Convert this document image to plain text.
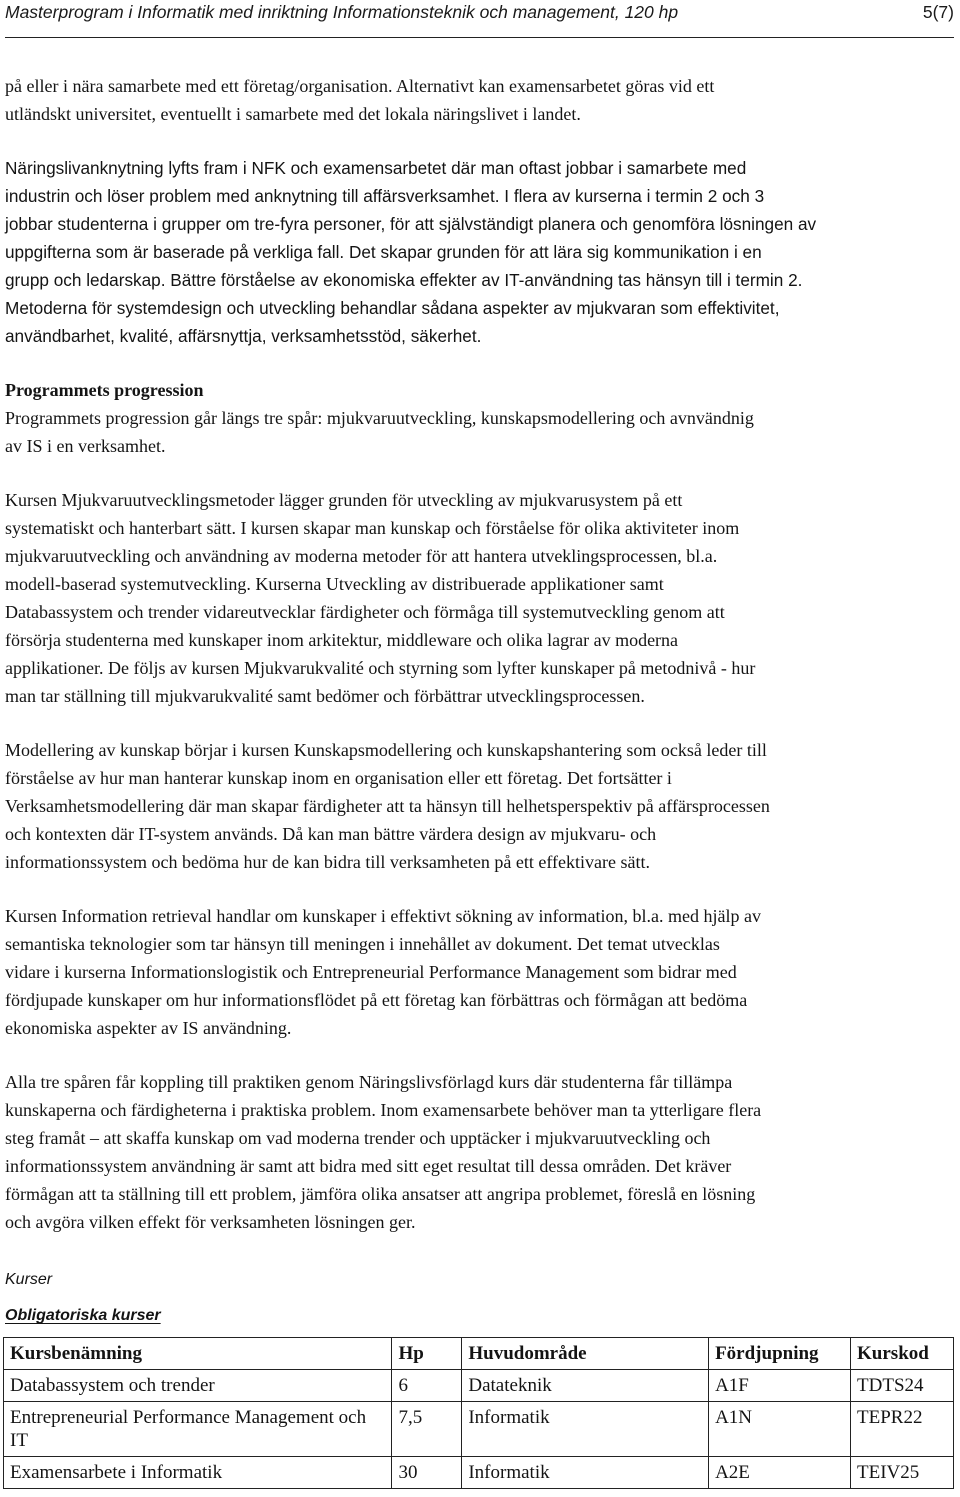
Masterprogram i Informatik med inriktning Informationsteknik och management, 120 hp	5(7)

på eller i nära samarbete med ett företag/organisation. Alternativt kan examensarbetet göras vid ett
utländskt universitet, eventuellt i samarbete med det lokala näringslivet i landet.

Näringslivanknytning lyfts fram i NFK och examensarbetet där man oftast jobbar i samarbete med
industrin och löser problem med anknytning till affärsverksamhet. I flera av kurserna i termin 2 och 3
jobbar studenterna i grupper om tre-fyra personer, för att självständigt planera och genomföra lösningen av
uppgifterna som är baserade på verkliga fall. Det skapar grunden för att lära sig kommunikation i en
grupp och ledarskap. Bättre förståelse av ekonomiska effekter av IT-användning tas hänsyn till i termin 2.
Metoderna för systemdesign och utveckling behandlar sådana aspekter av mjukvaran som effektivitet,
användbarhet, kvalité, affärsnyttja, verksamhetsstöd, säkerhet.

Programmets progression
Programmets progression går längs tre spår: mjukvaruutveckling, kunskapsmodellering och avnvändnig
av IS i en verksamhet.

Kursen Mjukvaruutvecklingsmetoder lägger grunden för utveckling av mjukvarusystem på ett
systematiskt och hanterbart sätt. I kursen skapar man kunskap och förståelse för olika aktiviteter inom
mjukvaruutveckling och användning av moderna metoder för att hantera utveklingsprocessen, bl.a.
modell-baserad systemutveckling. Kurserna Utveckling av distribuerade applikationer samt
Databassystem och trender vidareutvecklar färdigheter och förmåga till systemutveckling genom att
försörja studenterna med kunskaper inom arkitektur, middleware och olika lagrar av moderna
applikationer. De följs av kursen Mjukvarukvalité och styrning som lyfter kunskaper på metodnivå - hur
man tar ställning till mjukvarukvalité samt bedömer och förbättrar utvecklingsprocessen.

Modellering av kunskap börjar i kursen Kunskapsmodellering och kunskapshantering som också leder till
förståelse av hur man hanterar kunskap inom en organisation eller ett företag. Det fortsätter i
Verksamhetsmodellering där man skapar färdigheter att ta hänsyn till helhetsperspektiv på affärsprocessen
och kontexten där IT-system används. Då kan man bättre värdera design av mjukvaru- och
informationssystem och bedöma hur de kan bidra till verksamheten på ett effektivare sätt.

Kursen Information retrieval handlar om kunskaper i effektivt sökning av information, bl.a. med hjälp av
semantiska teknologier som tar hänsyn till meningen i innehållet av dokument. Det temat utvecklas
vidare i kurserna Informationslogistik och Entrepreneurial Performance Management som bidrar med
fördjupade kunskaper om hur informationsflödet på ett företag kan förbättras och förmågan att bedöma
ekonomiska aspekter av IS användning.

Alla tre spåren får koppling till praktiken genom Näringslivsförlagd kurs där studenterna får tillämpa
kunskaperna och färdigheterna i praktiska problem. Inom examensarbete behöver man ta ytterligare flera
steg framåt – att skaffa kunskap om vad moderna trender och upptäcker i mjukvaruutveckling och
informationssystem användning är samt att bidra med sitt eget resultat till dessa områden. Det kräver
förmågan att ta ställning till ett problem, jämföra olika ansatser att angripa problemet, föreslå en lösning
och avgöra vilken effekt för verksamheten lösningen ger.

Kurser
Obligatoriska kurser
Kursbenämning	Hp	Huvudområde	Fördjupning	Kurskod
Databassystem och trender	6	Datateknik	A1F	TDTS24
Entrepreneurial Performance Management och IT	7,5	Informatik	A1N	TEPR22
Examensarbete i Informatik	30	Informatik	A2E	TEIV25
